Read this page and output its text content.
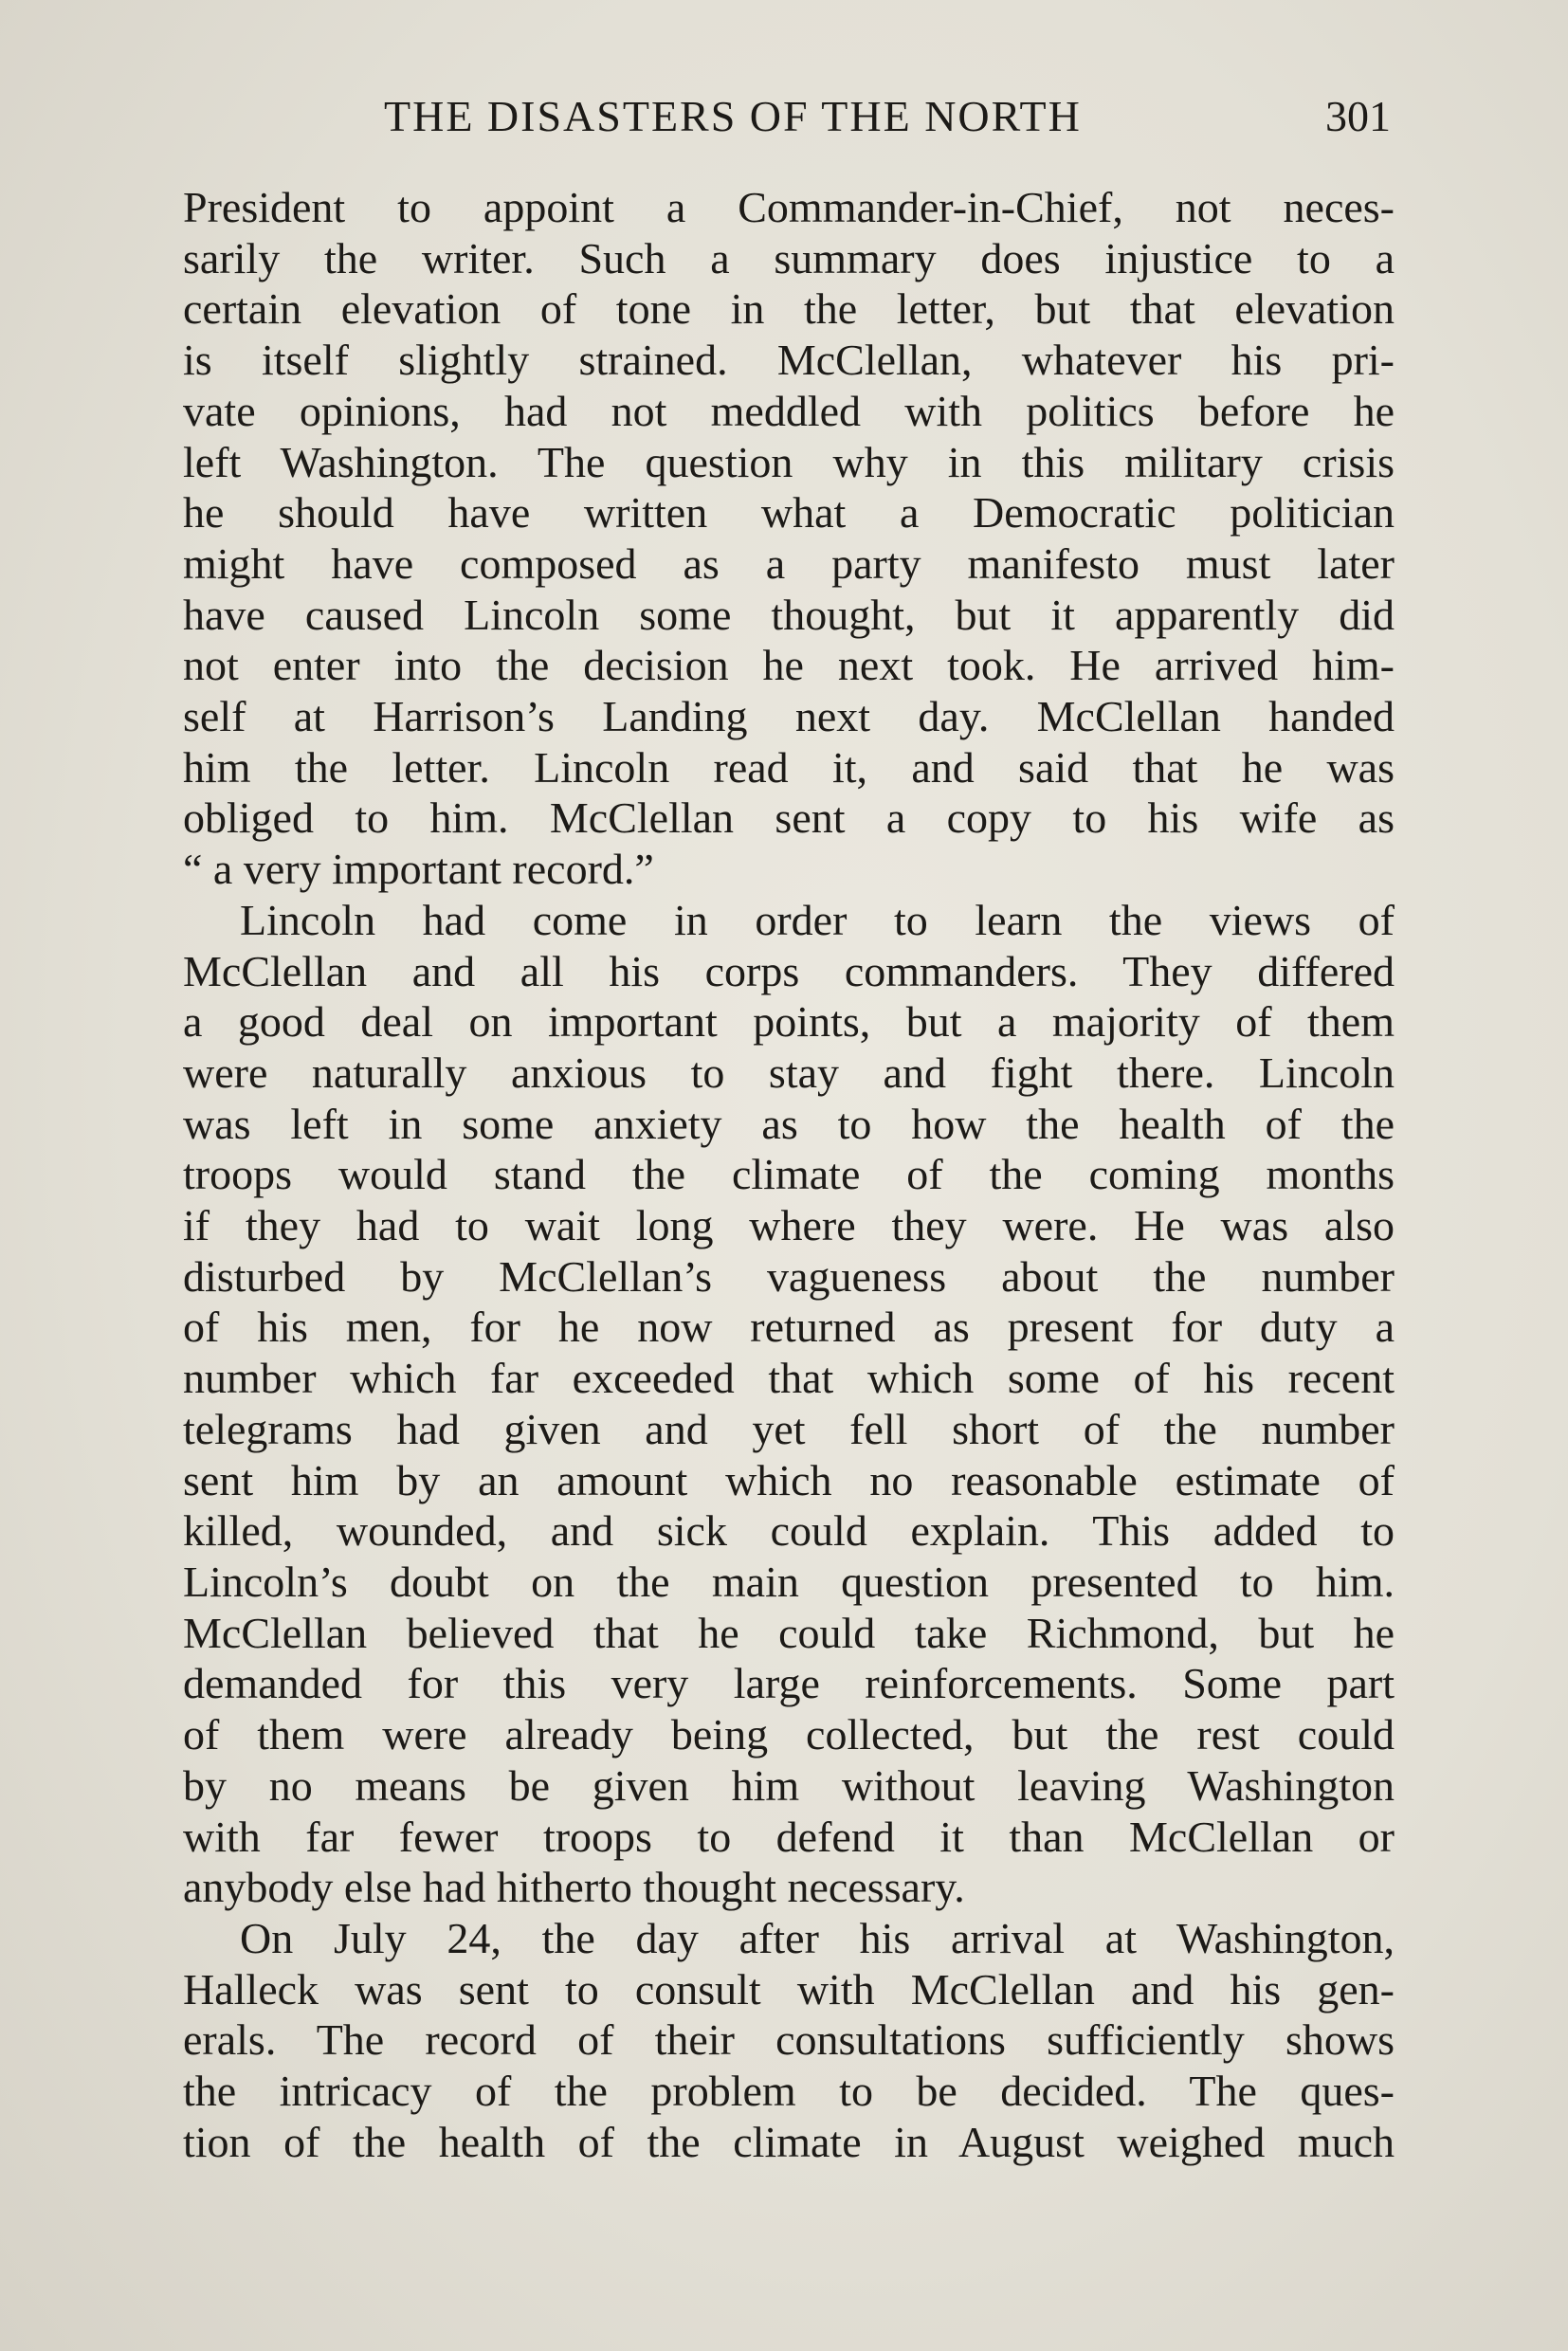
THE DISASTERS OF THE NORTH	301
President to appoint a Commander-in-Chief, not neces-
sarily the writer. Such a summary does injustice to a
certain elevation of tone in the letter, but that elevation
is itself slightly strained. McClellan, whatever his pri-
vate opinions, had not meddled with politics before he
left Washington. The question why in this military crisis
he should have written what a Democratic politician
might have composed as a party manifesto must later
have caused Lincoln some thought, but it apparently did
not enter into the decision he next took. He arrived him-
self at Harrison’s Landing next day. McClellan handed
him the letter. Lincoln read it, and said that he was
obliged to him. McClellan sent a copy to his wife as
“ a very important record.”
Lincoln had come in order to learn the views of
McClellan and all his corps commanders. They differed
a good deal on important points, but a majority of them
were naturally anxious to stay and fight there. Lincoln
was left in some anxiety as to how the health of the
troops would stand the climate of the coming months
if they had to wait long where they were. He was also
disturbed by McClellan’s vagueness about the number
of his men, for he now returned as present for duty a
number which far exceeded that which some of his recent
telegrams had given and yet fell short of the number
sent him by an amount which no reasonable estimate of
killed, wounded, and sick could explain. This added to
Lincoln’s doubt on the main question presented to him.
McClellan believed that he could take Richmond, but he
demanded for this very large reinforcements. Some part
of them were already being collected, but the rest could
by no means be given him without leaving Washington
with far fewer troops to defend it than McClellan or
anybody else had hitherto thought necessary.
On July 24, the day after his arrival at Washington,
Halleck was sent to consult with McClellan and his gen-
erals. The record of their consultations sufficiently shows
the intricacy of the problem to be decided. The ques-
tion of the health of the climate in August weighed much
